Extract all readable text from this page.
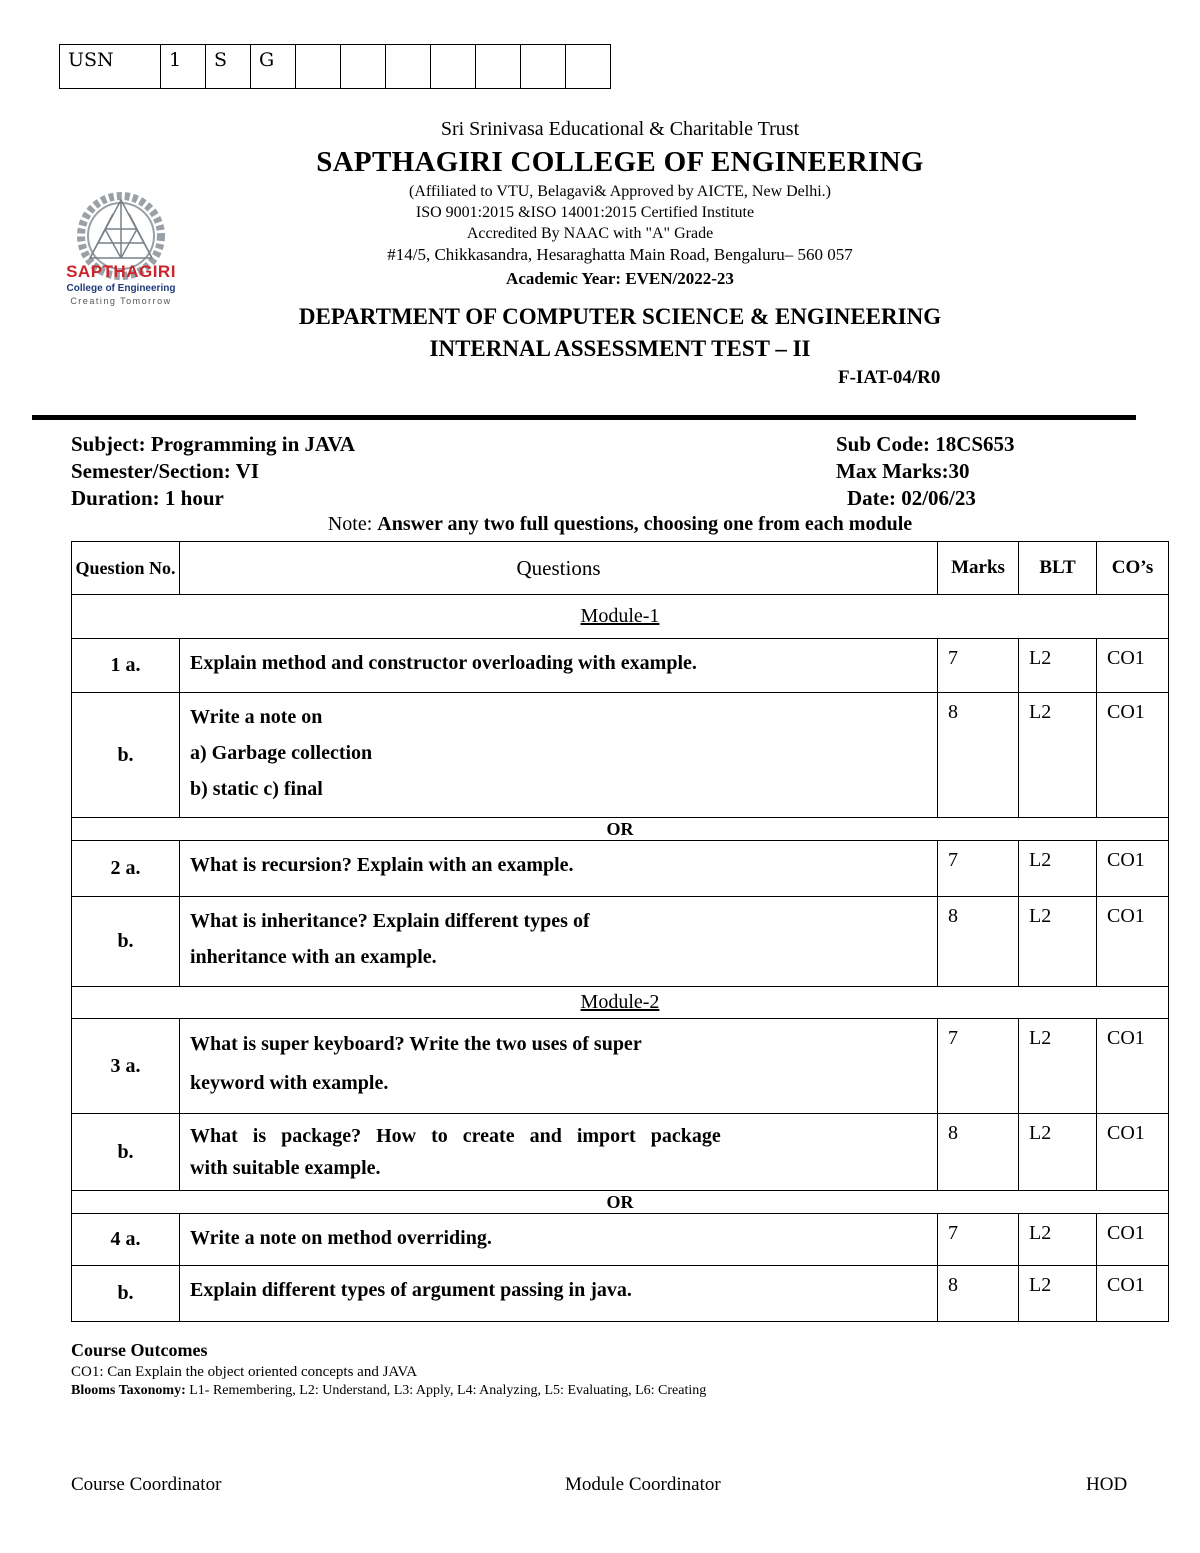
USN	1	S	G							
SAPTHAGIRI
College of Engineering
Creating Tomorrow
Sri Srinivasa Educational & Charitable Trust
SAPTHAGIRI COLLEGE OF ENGINEERING
(Affiliated to VTU, Belagavi& Approved by AICTE, New Delhi.)
ISO 9001:2015 &ISO 14001:2015 Certified Institute
Accredited By NAAC with "A" Grade
#14/5, Chikkasandra, Hesaraghatta Main Road, Bengaluru– 560 057
Academic Year: EVEN/2022-23
DEPARTMENT OF COMPUTER SCIENCE & ENGINEERING
INTERNAL ASSESSMENT TEST – II
F-IAT-04/R0
Subject: Programming in JAVA	Sub Code: 18CS653
Semester/Section: VI	Max Marks:30
Duration: 1 hour	Date: 02/06/23
Note: Answer any two full questions, choosing one from each module
Question No.	Questions	Marks	BLT	CO’s
Module-1				
1 a.	Explain method and constructor overloading with example.	7	L2	CO1
b.	Write a note on
a) Garbage collection
b) static c) final	8	L2	CO1
OR				
2 a.	What is recursion? Explain with an example.	7	L2	CO1
b.	What is inheritance? Explain different types of
inheritance with an example.	8	L2	CO1
Module-2				
3 a.	What is super keyboard? Write the two uses of super
keyword with example.	7	L2	CO1
b.	What is package? How to create and import package
with suitable example.	8	L2	CO1
OR				
4 a.	Write a note on method overriding.	7	L2	CO1
b.	Explain different types of argument passing in java.	8	L2	CO1
Course Outcomes
CO1: Can Explain the object oriented concepts and JAVA
Blooms Taxonomy: L1- Remembering, L2: Understand, L3: Apply, L4: Analyzing, L5: Evaluating, L6: Creating
Course Coordinator	Module Coordinator	HOD
